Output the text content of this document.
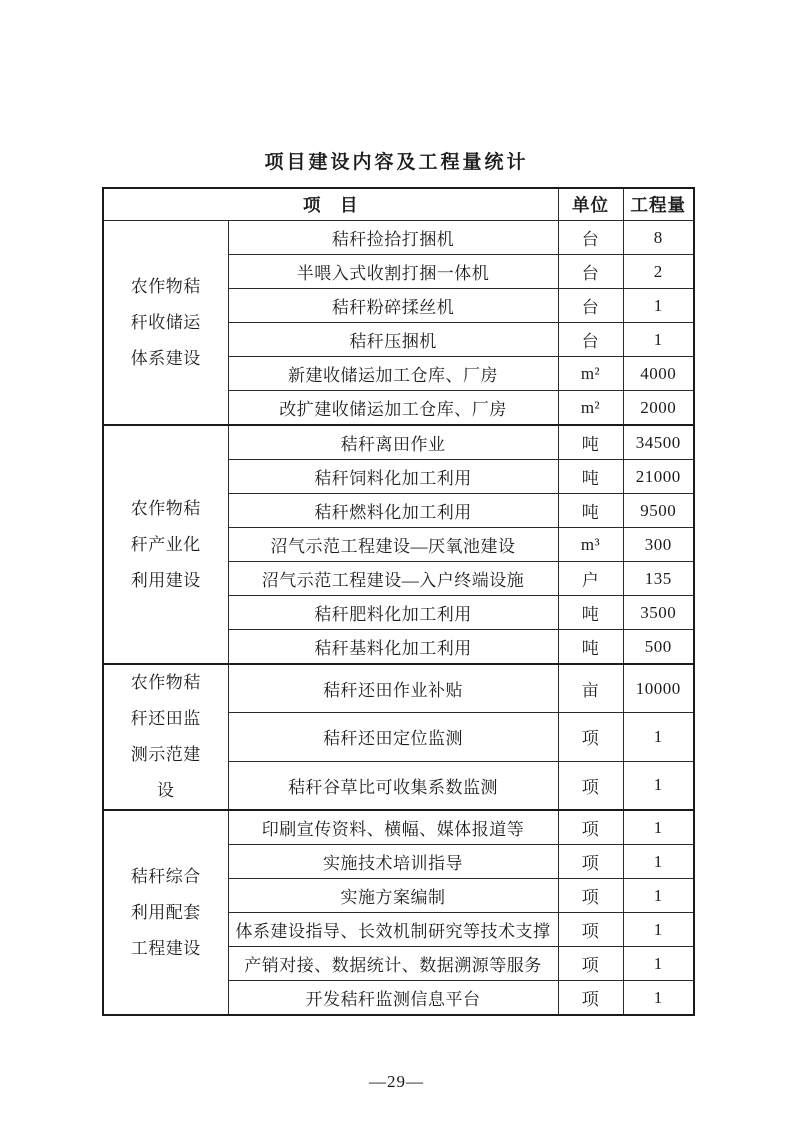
项目建设内容及工程量统计
项　目		单位	工程量

农作物秸秆收储运体系建设	秸秆捡拾打捆机	台	8
	半喂入式收割打捆一体机	台	2
	秸秆粉碎揉丝机	台	1
	秸秆压捆机	台	1
	新建收储运加工仓库、厂房	m²	4000
	改扩建收储运加工仓库、厂房	m²	2000

农作物秸秆产业化利用建设	秸秆离田作业	吨	34500
	秸秆饲料化加工利用	吨	21000
	秸秆燃料化加工利用	吨	9500
	沼气示范工程建设—厌氧池建设	m³	300
	沼气示范工程建设—入户终端设施	户	135
	秸秆肥料化加工利用	吨	3500
	秸秆基料化加工利用	吨	500

农作物秸秆还田监测示范建设	秸秆还田作业补贴	亩	10000
	秸秆还田定位监测	项	1
	秸秆谷草比可收集系数监测	项	1

秸秆综合利用配套工程建设	印刷宣传资料、横幅、媒体报道等	项	1
	实施技术培训指导	项	1
	实施方案编制	项	1
	体系建设指导、长效机制研究等技术支撑	项	1
	产销对接、数据统计、数据溯源等服务	项	1
	开发秸秆监测信息平台	项	1
—29—
